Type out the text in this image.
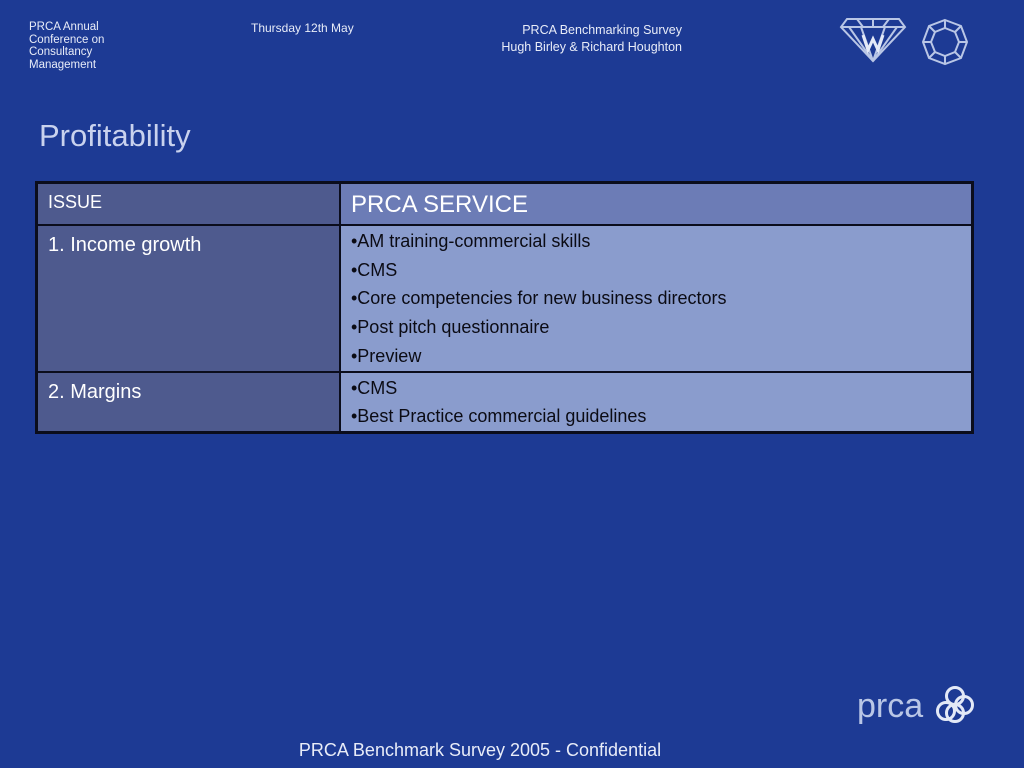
PRCA Annual
Conference on
Consultancy
Management
Thursday 12th May	PRCA Benchmarking Survey
Hugh Birley & Richard Houghton
Profitability
ISSUE	PRCA SERVICE
1. Income growth	•AM training-commercial skills
•CMS
•Core competencies for new business directors
•Post pitch questionnaire
•Preview

2. Margins	•CMS
•Best Practice commercial guidelines
prca
PRCA Benchmark Survey 2005 - Confidential
